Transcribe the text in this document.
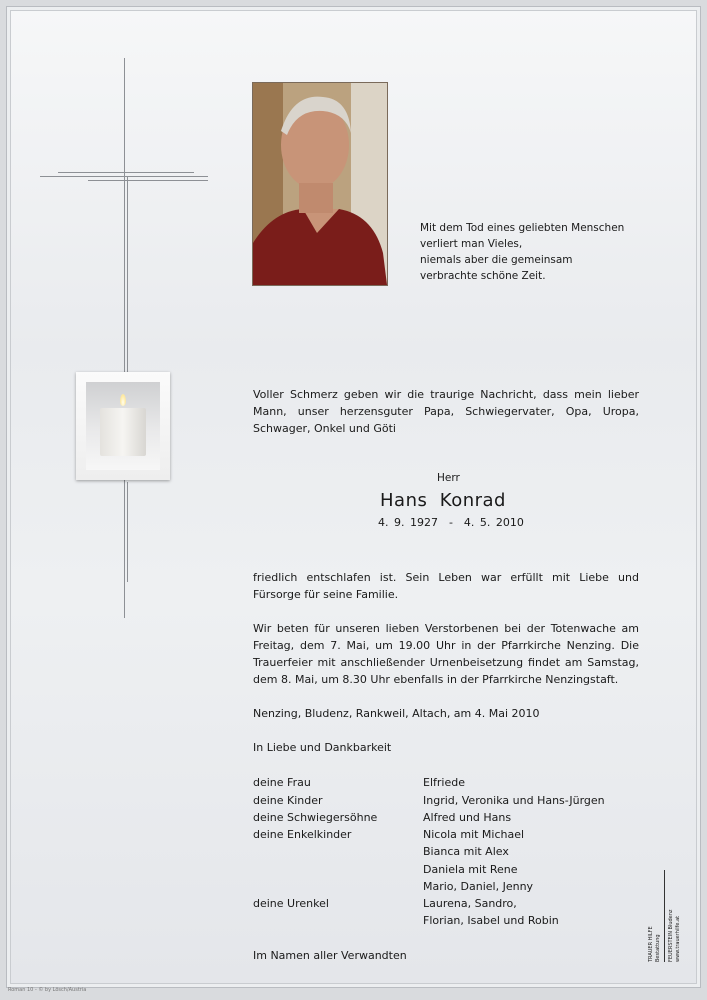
Mit dem Tod eines geliebten Menschen
verliert man Vieles,
niemals aber die gemeinsam
verbrachte schöne Zeit.
Voller Schmerz geben wir die traurige Nachricht, dass mein lieber Mann, unser herzensguter Papa, Schwiegervater, Opa, Uropa, Schwager, Onkel und Göti
Herr
Hans  Konrad
4. 9. 1927  -  4. 5. 2010
friedlich entschlafen ist. Sein Leben war erfüllt mit Liebe und Fürsorge für seine Familie.
Wir beten für unseren lieben Verstorbenen bei der Totenwache am Freitag, dem 7. Mai, um 19.00 Uhr in der Pfarrkirche Nenzing. Die Trauerfeier mit anschließender Urnenbeisetzung findet am Samstag, dem 8. Mai, um 8.30 Uhr ebenfalls in der Pfarrkirche Nenzingstaft.
Nenzing, Bludenz, Rankweil, Altach, am 4. Mai 2010
In Liebe und Dankbarkeit
deine Frau	Elfriede
deine Kinder	Ingrid, Veronika und Hans-Jürgen
deine Schwiegersöhne	Alfred und Hans
deine Enkelkinder	Nicola mit Michael
Bianca mit Alex
Daniela mit Rene
Mario, Daniel, Jenny
deine Urenkel	Laurena, Sandro,
Florian, Isabel und Robin
Im Namen aller Verwandten	TRAUER HILFE Bestattung FEUERSTEIN Bludenz www.trauerhilfe.at
Roman 10 - © by Lösch/Austria
